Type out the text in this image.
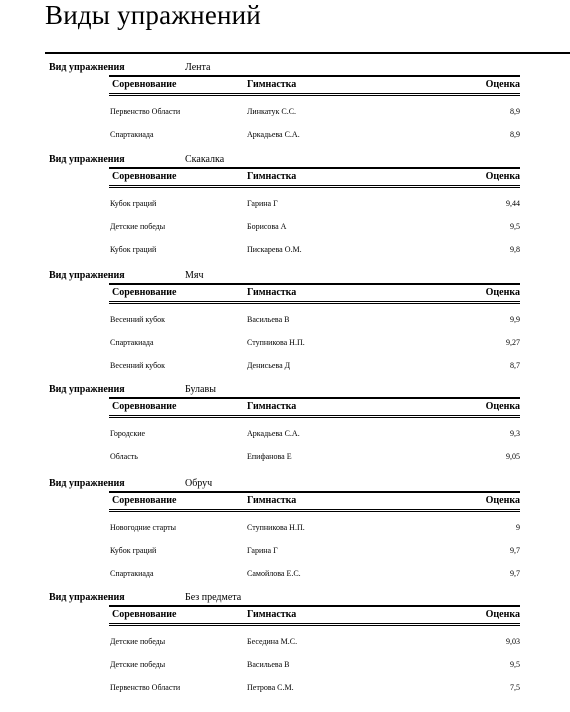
Виды упражнений
Вид упражнения	Лента
Соревнование	Гимнастка	Оценка
Первенство Области	Линкатук С.С.	8,9
Спартакиада	Аркадьева С.А.	8,9
Вид упражнения	Скакалка
Соревнование	Гимнастка	Оценка
Кубок граций	Гарина Г	9,44
Детские победы	Борисова А	9,5
Кубок граций	Пискарева О.М.	9,8
Вид упражнения	Мяч
Соревнование	Гимнастка	Оценка
Весенний кубок	Васильева В	9,9
Спартакиада	Ступникова Н.П.	9,27
Весенний кубок	Денисьева Д	8,7
Вид упражнения	Булавы
Соревнование	Гимнастка	Оценка
Городские	Аркадьева С.А.	9,3
Область	Епифанова Е	9,05
Вид упражнения	Обруч
Соревнование	Гимнастка	Оценка
Новогодние старты	Ступникова Н.П.	9
Кубок граций	Гарина Г	9,7
Спартакиада	Самойлова Е.С.	9,7
Вид упражнения	Без предмета
Соревнование	Гимнастка	Оценка
Детские победы	Беседина М.С.	9,03
Детские победы	Васильева В	9,5
Первенство Области	Петрова С.М.	7,5
